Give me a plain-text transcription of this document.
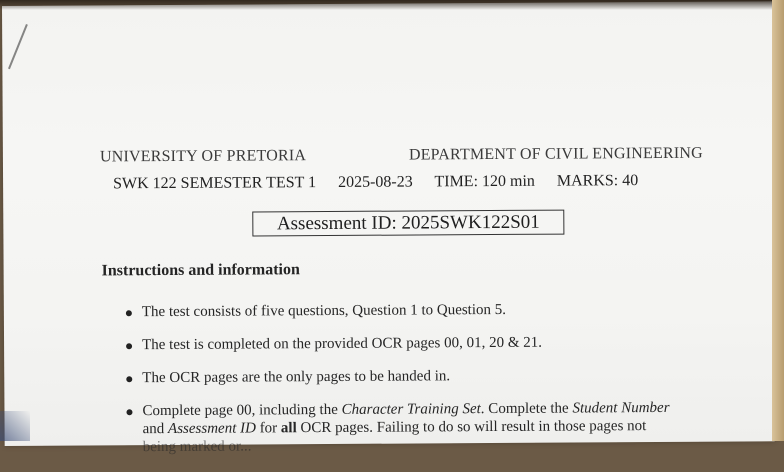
UNIVERSITY OF PRETORIA	DEPARTMENT OF CIVIL ENGINEERING
SWK 122 SEMESTER TEST 1 2025-08-23 TIME: 120 min MARKS: 40
Assessment ID: 2025SWK122S01
Instructions and information
The test consists of five questions, Question 1 to Question 5.
The test is completed on the provided OCR pages 00, 01, 20 & 21.
The OCR pages are the only pages to be handed in.
Complete page 00, including the Character Training Set. Complete the Student Number
and Assessment ID for all OCR pages. Failing to do so will result in those pages not
being marked or...
